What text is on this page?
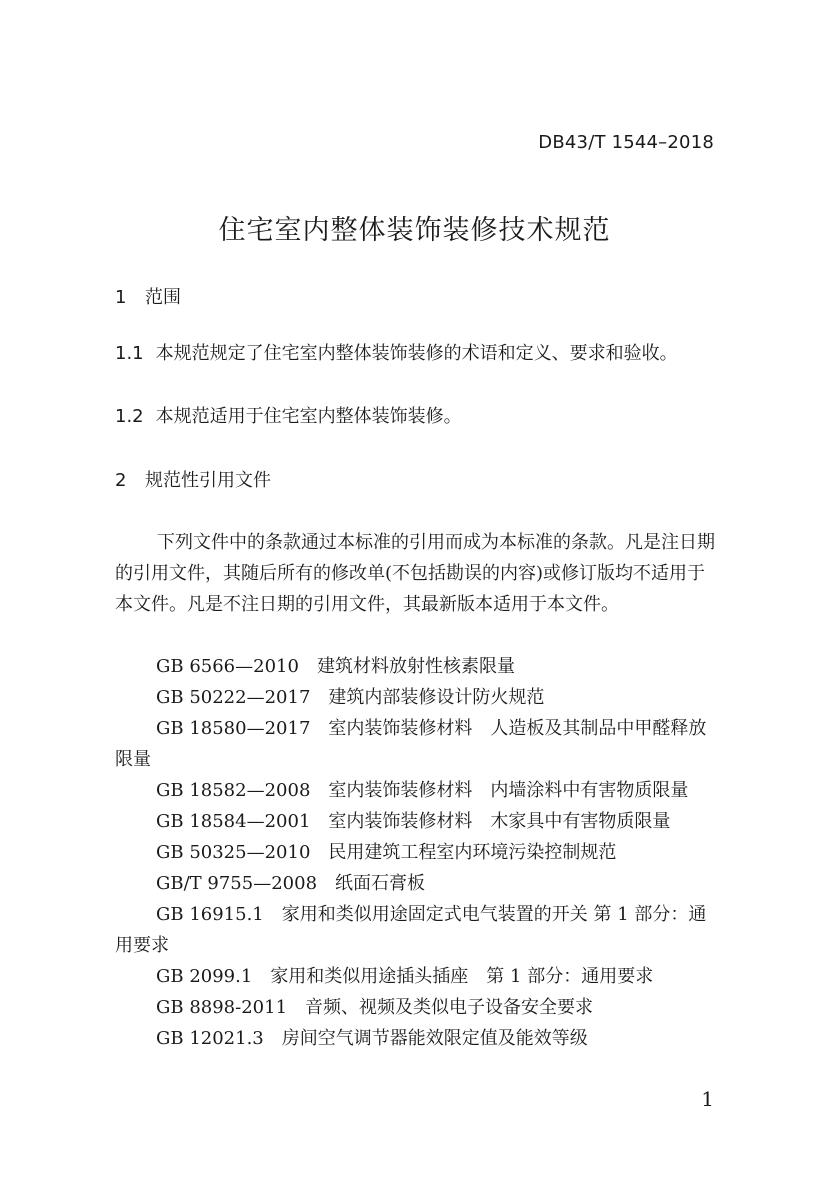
DB43/T 1544–2018
住宅室内整体装饰装修技术规范
1 范围
1.1 本规范规定了住宅室内整体装饰装修的术语和定义、要求和验收。
1.2 本规范适用于住宅室内整体装饰装修。
2 规范性引用文件
下列文件中的条款通过本标准的引用而成为本标准的条款。凡是注日期的引用文件，其随后所有的修改单(不包括勘误的内容)或修订版均不适用于本文件。凡是不注日期的引用文件，其最新版本适用于本文件。

GB 6566—2010 建筑材料放射性核素限量

GB 50222—2017 建筑内部装修设计防火规范

GB 18580—2017 室内装饰装修材料　人造板及其制品中甲醛释放限量

GB 18582—2008 室内装饰装修材料　内墙涂料中有害物质限量

GB 18584—2001 室内装饰装修材料　木家具中有害物质限量

GB 50325—2010 民用建筑工程室内环境污染控制规范

GB/T 9755—2008 纸面石膏板

GB 16915.1 家用和类似用途固定式电气装置的开关 第 1 部分：通用要求

GB 2099.1 家用和类似用途插头插座　第 1 部分：通用要求

GB 8898-2011 音频、视频及类似电子设备安全要求

GB 12021.3 房间空气调节器能效限定值及能效等级

1
